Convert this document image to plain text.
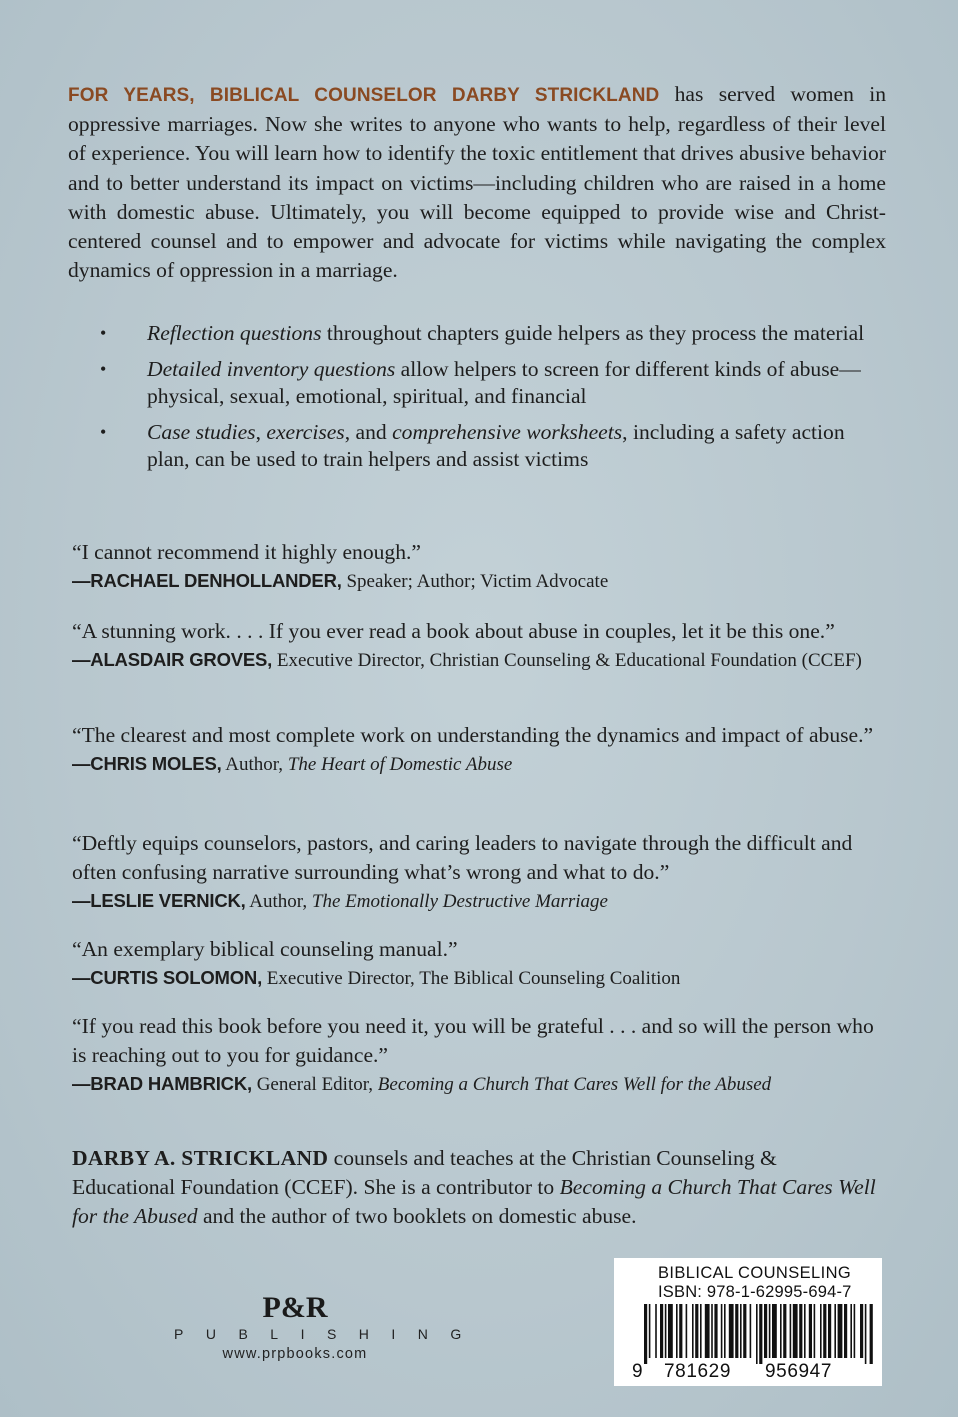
FOR YEARS, BIBLICAL COUNSELOR DARBY STRICKLAND has served women in oppressive marriages. Now she writes to anyone who wants to help, regardless of their level of experience. You will learn how to identify the toxic entitlement that drives abusive behavior and to better understand its impact on victims—including children who are raised in a home with domestic abuse. Ultimately, you will become equipped to provide wise and Christ-centered counsel and to empower and advocate for victims while navigating the complex dynamics of oppression in a marriage.

• Reflection questions throughout chapters guide helpers as they process the material
• Detailed inventory questions allow helpers to screen for different kinds of abuse—physical, sexual, emotional, spiritual, and financial
• Case studies, exercises, and comprehensive worksheets, including a safety action plan, can be used to train helpers and assist victims
“I cannot recommend it highly enough.”
—RACHAEL DENHOLLANDER, Speaker; Author; Victim Advocate
“A stunning work. . . . If you ever read a book about abuse in couples, let it be this one.”
—ALASDAIR GROVES, Executive Director, Christian Counseling & Educational Foundation (CCEF)
“The clearest and most complete work on understanding the dynamics and impact of abuse.”
—CHRIS MOLES, Author, The Heart of Domestic Abuse
“Deftly equips counselors, pastors, and caring leaders to navigate through the difficult and often confusing narrative surrounding what’s wrong and what to do.”
—LESLIE VERNICK, Author, The Emotionally Destructive Marriage
“An exemplary biblical counseling manual.”
—CURTIS SOLOMON, Executive Director, The Biblical Counseling Coalition
“If you read this book before you need it, you will be grateful . . . and so will the person who is reaching out to you for guidance.”
—BRAD HAMBRICK, General Editor, Becoming a Church That Cares Well for the Abused

DARBY A. STRICKLAND counsels and teaches at the Christian Counseling & Educational Foundation (CCEF). She is a contributor to Becoming a Church That Cares Well for the Abused and the author of two booklets on domestic abuse.

P&R
PUBLISHING
www.prpbooks.com
BIBLICAL COUNSELING
ISBN: 978-1-62995-694-7
9 781629 956947
